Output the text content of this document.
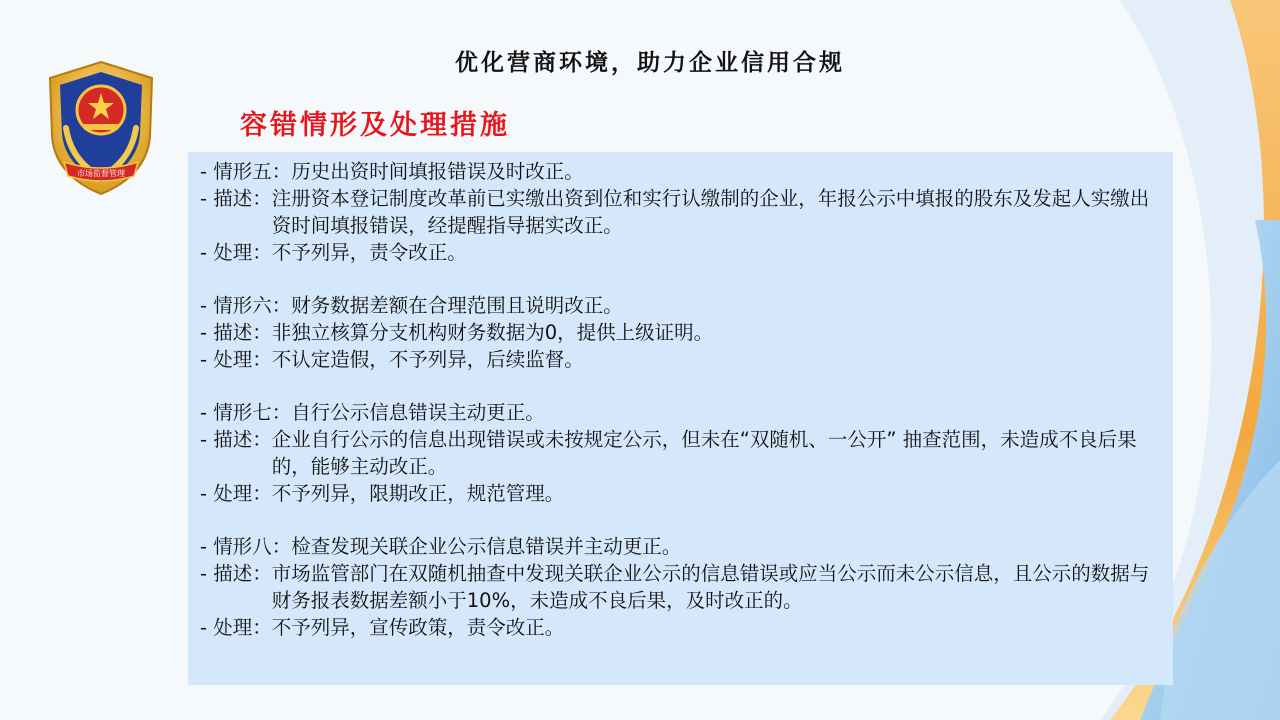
市场监督管理
优化营商环境，助力企业信用合规
容错情形及处理措施
- 情形五： 历史出资时间填报错误及时改正。
- 描述： 注册资本登记制度改革前已实缴出资到位和实行认缴制的企业，年报公示中填报的股东及发起人实缴出资时间填报错误，经提醒指导据实改正。
- 处理： 不予列异，责令改正。
- 情形六： 财务数据差额在合理范围且说明改正。
- 描述： 非独立核算分支机构财务数据为0，提供上级证明。
- 处理： 不认定造假，不予列异，后续监督。
- 情形七： 自行公示信息错误主动更正。
- 描述： 企业自行公示的信息出现错误或未按规定公示，但未在“双随机、一公开” 抽查范围，未造成不良后果的，能够主动改正。
- 处理： 不予列异，限期改正，规范管理。
- 情形八： 检查发现关联企业公示信息错误并主动更正。
- 描述： 市场监管部门在双随机抽查中发现关联企业公示的信息错误或应当公示而未公示信息，且公示的数据与财务报表数据差额小于10%，未造成不良后果，及时改正的。
- 处理： 不予列异，宣传政策，责令改正。
